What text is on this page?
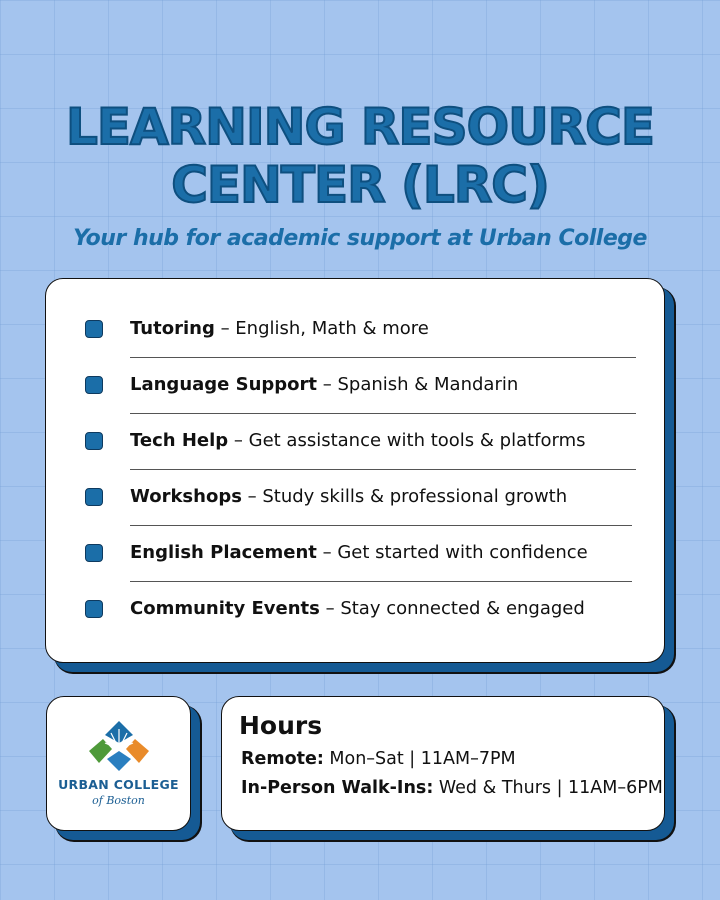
LEARNING RESOURCE
CENTER (LRC)

Your hub for academic support at Urban College

Tutoring – English, Math & more
Language Support – Spanish & Mandarin
Tech Help – Get assistance with tools & platforms
Workshops – Study skills & professional growth
English Placement – Get started with confidence
Community Events – Stay connected & engaged
URBAN COLLEGE
of Boston
Hours
Remote: Mon–Sat | 11AM–7PM
In-Person Walk-Ins: Wed & Thurs | 11AM–6PM
